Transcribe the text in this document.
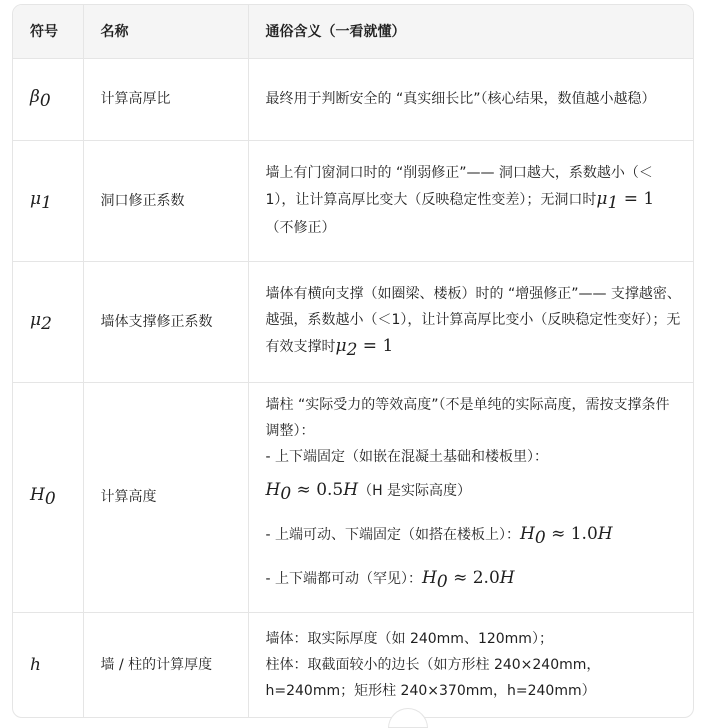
符号	名称	通俗含义（一看就懂）
$\beta_0$	计算高厚比	最终用于判断安全的 “真实细长比”（核心结果，数值越小越稳）
$\mu_1$	洞口修正系数	墙上有门窗洞口时的 “削弱修正”—— 洞口越大，系数越小（＜1），让计算高厚比变大（反映稳定性变差）；无洞口时$\mu_1 = 1$（不修正）
$\mu_2$	墙体支撑修正系数	墙体有横向支撑（如圈梁、楼板）时的 “增强修正”—— 支撑越密、越强，系数越小（＜1），让计算高厚比变小（反映稳定性变好）；无有效支撑时$\mu_2 = 1$
$H_0$	计算高度	墙柱 “实际受力的等效高度”（不是单纯的实际高度，需按支撑条件调整）：
- 上下端固定（如嵌在混凝土基础和楼板里）：
$H_0 \approx 0.5H(H$ 是实际高度）
- 上端可动、下端固定（如搭在楼板上）：$H_0 \approx 1.0H$
- 上下端都可动（罕见）：$H_0 \approx 2.0H$

h	墙 / 柱的计算厚度	墙体：取实际厚度（如 240mm、120mm）；
柱体：取截面较小的边长（如方形柱 240×240mm，h=240mm；矩形柱 240×370mm，h=240mm）
